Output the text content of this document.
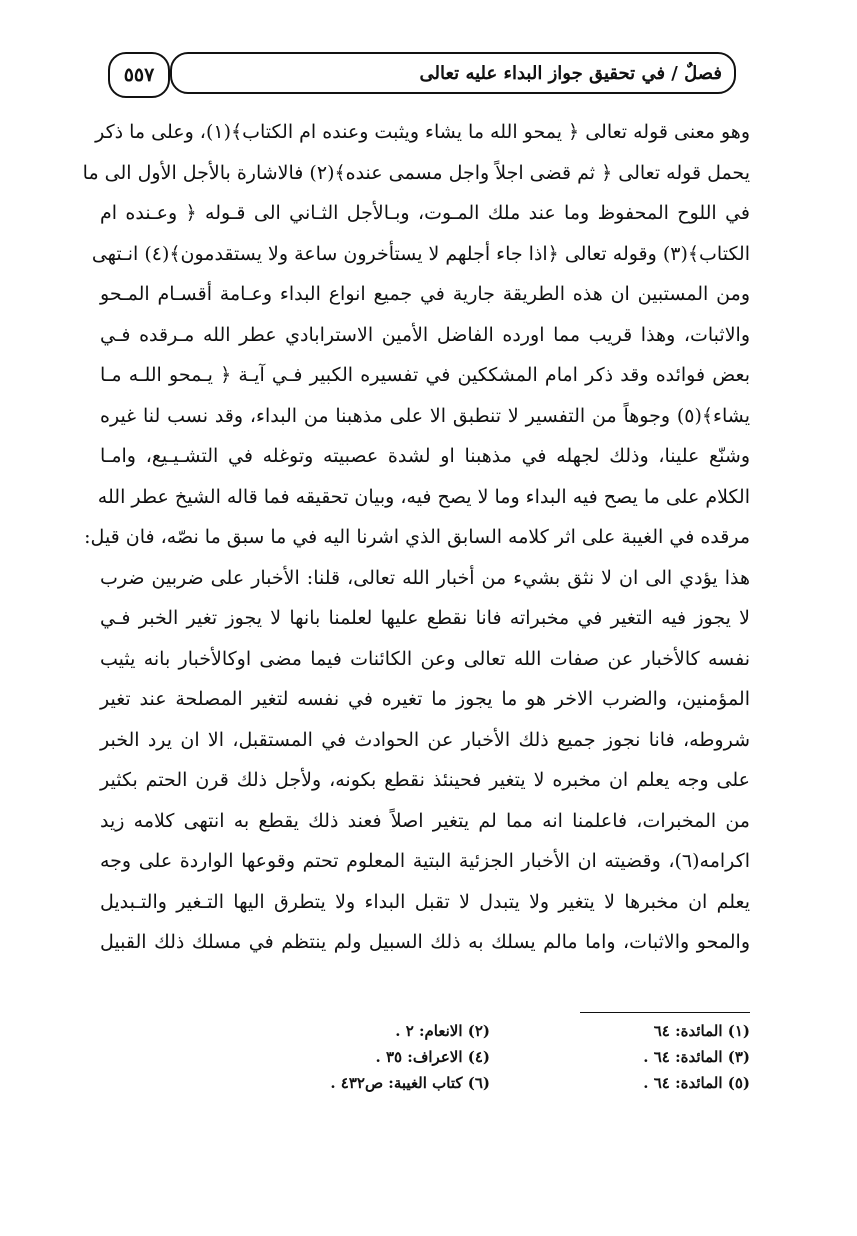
٥٥٧	فصلٌ / في تحقيق جواز البداء عليه تعالى
وهو معنى قوله تعالى ﴿ يمحو الله ما يشاء ويثبت وعنده ام الكتاب﴾(١)، وعلى ما ذكر
يحمل قوله تعالى ﴿ ثم قضى اجلاً واجل مسمى عنده﴾(٢) فالاشارة بالأجل الأول الى ما
في اللوح المحفوظ وما عند ملك المـوت، وبـالأجل الثـاني الى قـوله ﴿ وعـنده ام
الكتاب﴾(٣) وقوله تعالى ﴿اذا جاء أجلهم لا يستأخرون ساعة ولا يستقدمون﴾(٤) انـتهى
ومن المستبين ان هذه الطريقة جارية في جميع انواع البداء وعـامة أقسـام المـحو
والاثبات، وهذا قريب مما اورده الفاضل الأمين الاسترابادي عطر الله مـرقده فـي
بعض فوائده وقد ذكر امام المشككين في تفسيره الكبير فـي آيـة ﴿ يـمحو اللـه مـا
يشاء﴾(٥) وجوهاً من التفسير لا تنطبق الا على مذهبنا من البداء، وقد نسب لنا غيره
وشنّع علينا، وذلك لجهله في مذهبنا او لشدة عصبيته وتوغله في التشـيـيع، وامـا
الكلام على ما يصح فيه البداء وما لا يصح فيه، وبيان تحقيقه فما قاله الشيخ عطر الله
مرقده في الغيبة على اثر كلامه السابق الذي اشرنا اليه في ما سبق ما نصّه، فان قيل:
هذا يؤدي الى ان لا نثق بشيء من أخبار الله تعالى، قلنا: الأخبار على ضربين ضرب
لا يجوز فيه التغير في مخبراته فانا نقطع عليها لعلمنا بانها لا يجوز تغير الخبر فـي
نفسه كالأخبار عن صفات الله تعالى وعن الكائنات فيما مضى اوكالأخبار بانه يثيب
المؤمنين، والضرب الاخر هو ما يجوز ما تغيره في نفسه لتغير المصلحة عند تغير
شروطه، فانا نجوز جميع ذلك الأخبار عن الحوادث في المستقبل، الا ان يرد الخبر
على وجه يعلم ان مخبره لا يتغير فحينئذ نقطع بكونه، ولأجل ذلك قرن الحتم بكثير
من المخبرات، فاعلمنا انه مما لم يتغير اصلاً فعند ذلك يقطع به انتهى كلامه زيد
اكرامه(٦)، وقضيته ان الأخبار الجزئية البتية المعلوم تحتم وقوعها الواردة على وجه
يعلم ان مخبرها لا يتغير ولا يتبدل لا تقبل البداء ولا يتطرق اليها التـغير والتـبديل
والمحو والاثبات، واما مالم يسلك به ذلك السبيل ولم ينتظم في مسلك ذلك القبيل
(١) المائدة: ٦٤
(٢) الانعام: ٢ .
(٣) المائدة: ٦٤ .
(٤) الاعراف: ٣٥ .
(٥) المائدة: ٦٤ .
(٦) كتاب الغيبة: ص٤٣٢ .
